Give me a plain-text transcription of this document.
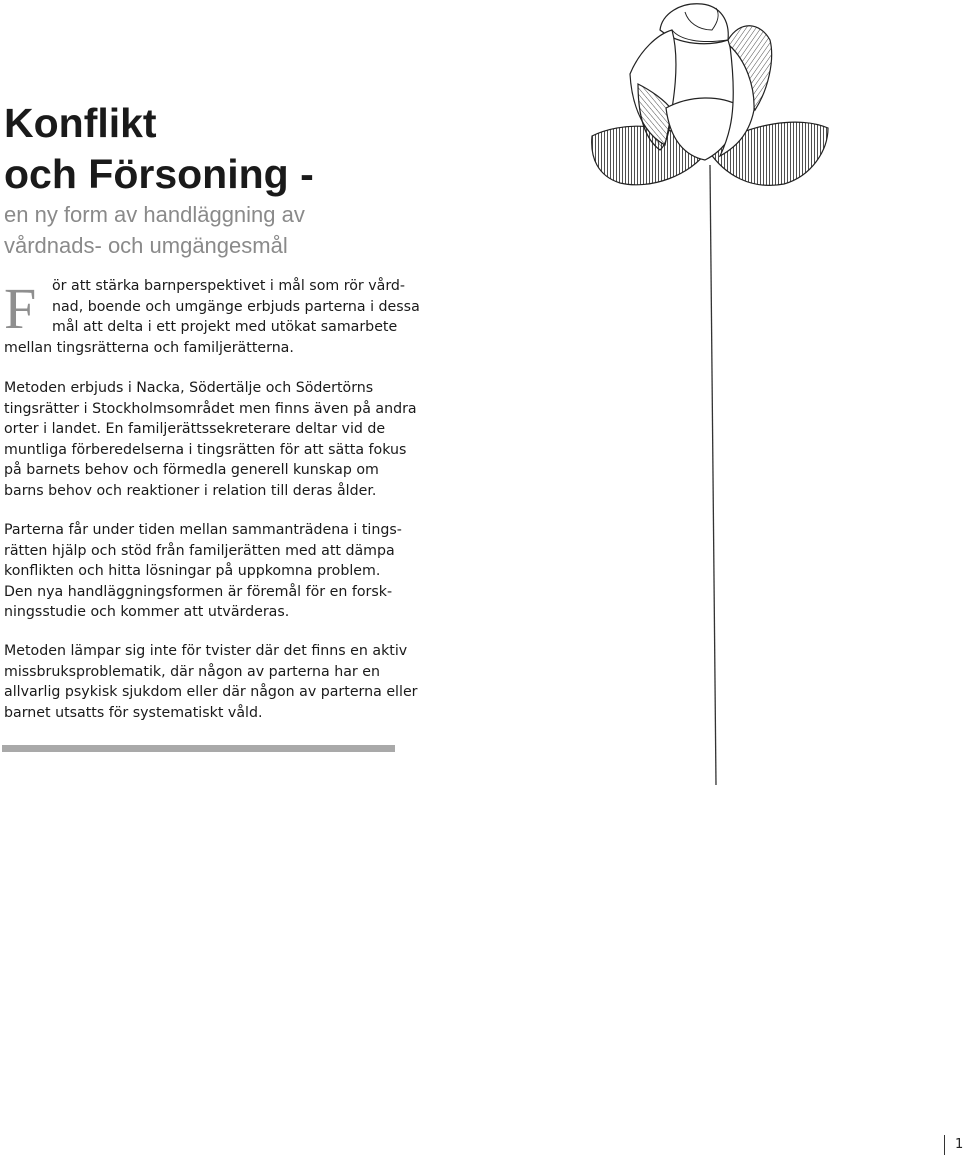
Konflikt
och Försoning -
en ny form av handläggning av
vårdnads- och umgängesmål
F	ör att stärka barnperspektivet i mål som rör vård-
nad, boende och umgänge erbjuds parterna i dessa
mål att delta i ett projekt med utökat samarbete
mellan tingsrätterna och familjerätterna.
Metoden erbjuds i Nacka, Södertälje och Södertörns
tingsrätter i Stockholmsområdet men finns även på andra
orter i landet. En familjerättssekreterare deltar vid de
muntliga förberedelserna i tingsrätten för att sätta fokus
på barnets behov och förmedla generell kunskap om
barns behov och reaktioner i relation till deras ålder.
Parterna får under tiden mellan sammanträdena i tings-
rätten hjälp och stöd från familjerätten med att dämpa
konflikten och hitta lösningar på uppkomna problem.
Den nya handläggningsformen är föremål för en forsk-
ningsstudie och kommer att utvärderas.
Metoden lämpar sig inte för tvister där det finns en aktiv
missbruksproblematik, där någon av parterna har en
allvarlig psykisk sjukdom eller där någon av parterna eller
barnet utsatts för systematiskt våld.
1
